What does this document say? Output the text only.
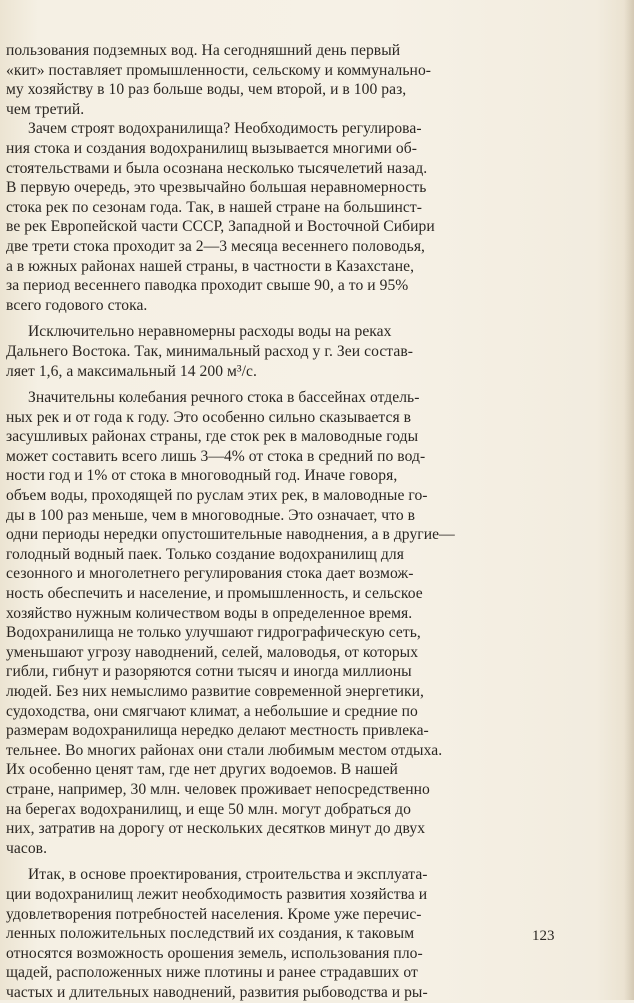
пользования подземных вод. На сегодняшний день первый
«кит» поставляет промышленности, сельскому и коммунально-
му хозяйству в 10 раз больше воды, чем второй, и в 100 раз,
чем третий.

Зачем строят водохранилища? Необходимость регулирова-
ния стока и создания водохранилищ вызывается многими об-
стоятельствами и была осознана несколько тысячелетий назад.
В первую очередь, это чрезвычайно большая неравномерность
стока рек по сезонам года. Так, в нашей стране на большинст-
ве рек Европейской части СССР, Западной и Восточной Сибири
две трети стока проходит за 2—3 месяца весеннего половодья,
а в южных районах нашей страны, в частности в Казахстане,
за период весеннего паводка проходит свыше 90, а то и 95%
всего годового стока.

Исключительно неравномерны расходы воды на реках
Дальнего Востока. Так, минимальный расход у г. Зеи состав-
ляет 1,6, а максимальный 14 200 м³/с.

Значительны колебания речного стока в бассейнах отдель-
ных рек и от года к году. Это особенно сильно сказывается в
засушливых районах страны, где сток рек в маловодные годы
может составить всего лишь 3—4% от стока в средний по вод-
ности год и 1% от стока в многоводный год. Иначе говоря,
объем воды, проходящей по руслам этих рек, в маловодные го-
ды в 100 раз меньше, чем в многоводные. Это означает, что в
одни периоды нередки опустошительные наводнения, а в другие—
голодный водный паек. Только создание водохранилищ для
сезонного и многолетнего регулирования стока дает возмож-
ность обеспечить и население, и промышленность, и сельское
хозяйство нужным количеством воды в определенное время.
Водохранилища не только улучшают гидрографическую сеть,
уменьшают угрозу наводнений, селей, маловодья, от которых
гибли, гибнут и разоряются сотни тысяч и иногда миллионы
людей. Без них немыслимо развитие современной энергетики,
судоходства, они смягчают климат, а небольшие и средние по
размерам водохранилища нередко делают местность привлека-
тельнее. Во многих районах они стали любимым местом отдыха.
Их особенно ценят там, где нет других водоемов. В нашей
стране, например, 30 млн. человек проживает непосредственно
на берегах водохранилищ, и еще 50 млн. могут добраться до
них, затратив на дорогу от нескольких десятков минут до двух
часов.

Итак, в основе проектирования, строительства и эксплуата-
ции водохранилищ лежит необходимость развития хозяйства и
удовлетворения потребностей населения. Кроме уже перечис-
ленных положительных последствий их создания, к таковым
относятся возможность орошения земель, использования пло-
щадей, расположенных ниже плотины и ранее страдавших от
частых и длительных наводнений, развития рыбоводства и ры-

123
